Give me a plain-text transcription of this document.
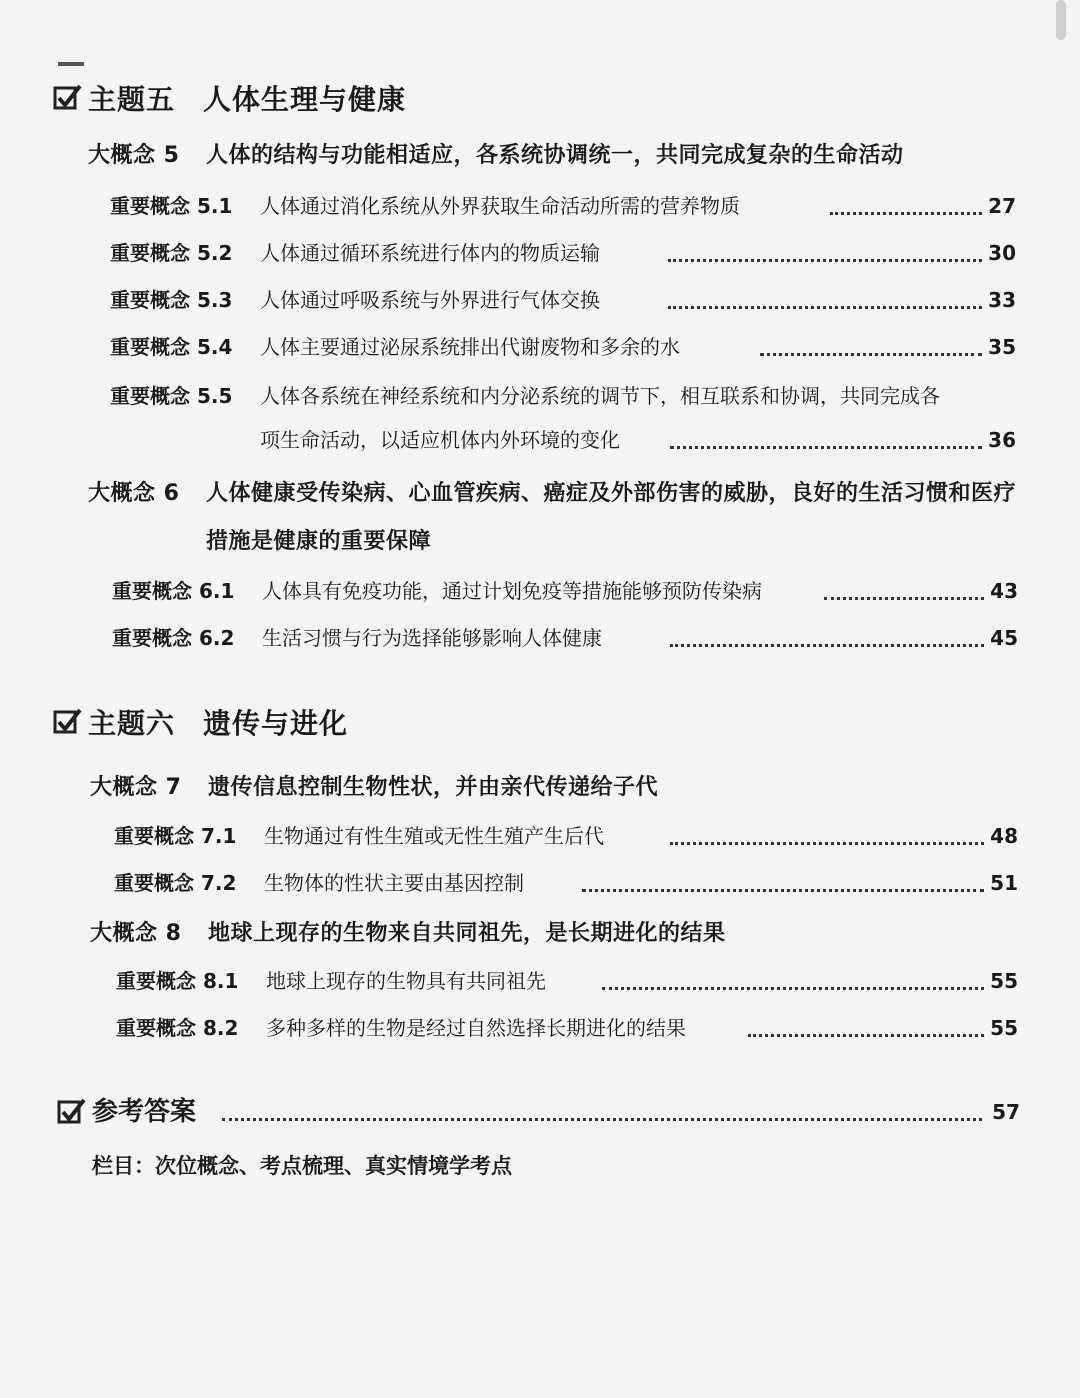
主题五 人体生理与健康
大概念 5 人体的结构与功能相适应，各系统协调统一，共同完成复杂的生命活动
重要概念 5.1 人体通过消化系统从外界获取生命活动所需的营养物质	27
重要概念 5.2 人体通过循环系统进行体内的物质运输	30
重要概念 5.3 人体通过呼吸系统与外界进行气体交换	33
重要概念 5.4 人体主要通过泌尿系统排出代谢废物和多余的水	35
重要概念 5.5 人体各系统在神经系统和内分泌系统的调节下，相互联系和协调，共同完成各
项生命活动，以适应机体内外环境的变化	36
大概念 6 人体健康受传染病、心血管疾病、癌症及外部伤害的威胁，良好的生活习惯和医疗措施是健康的重要保障
重要概念 6.1 人体具有免疫功能，通过计划免疫等措施能够预防传染病	43
重要概念 6.2 生活习惯与行为选择能够影响人体健康	45
主题六 遗传与进化
大概念 7 遗传信息控制生物性状，并由亲代传递给子代
重要概念 7.1 生物通过有性生殖或无性生殖产生后代	48
重要概念 7.2 生物体的性状主要由基因控制	51
大概念 8 地球上现存的生物来自共同祖先，是长期进化的结果
重要概念 8.1 地球上现存的生物具有共同祖先	55
重要概念 8.2 多种多样的生物是经过自然选择长期进化的结果	55
参考答案	57
栏目：次位概念、考点梳理、真实情境学考点
